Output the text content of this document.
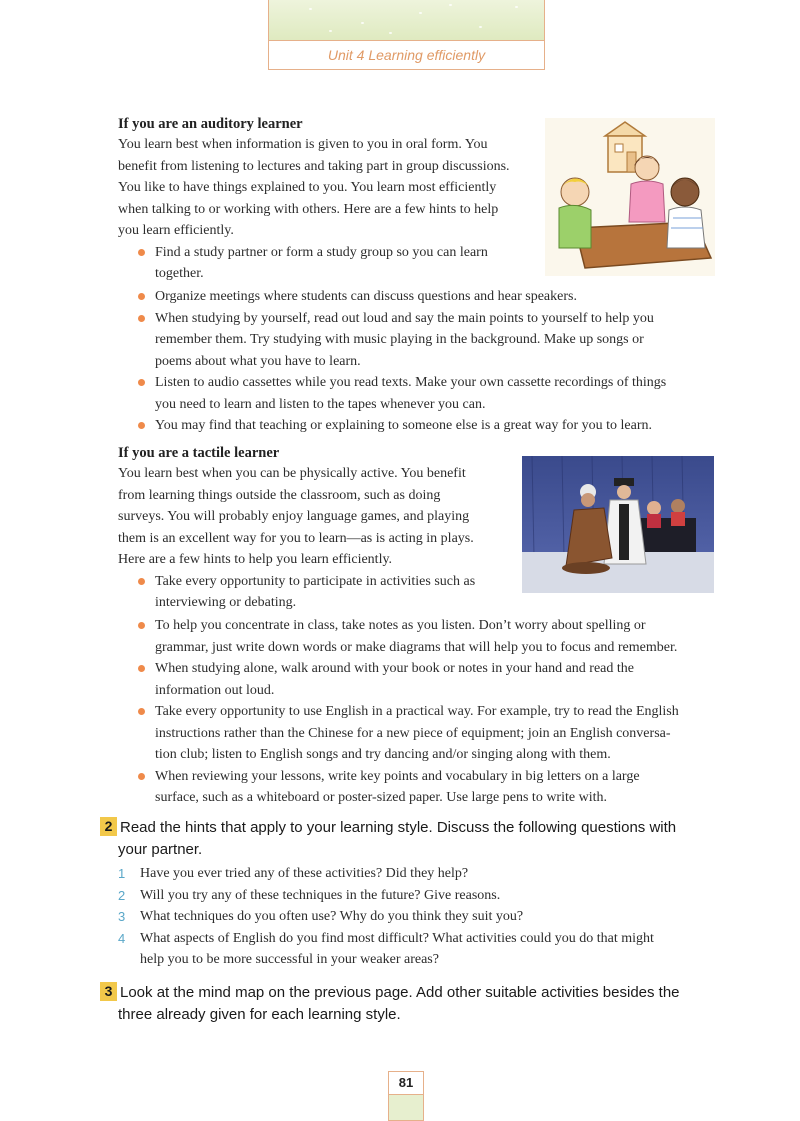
Unit 4 Learning efficiently
If you are an auditory learner
You learn best when information is given to you in oral form. You
benefit from listening to lectures and taking part in group discussions.
You like to have things explained to you. You learn most efficiently
when talking to or working with others. Here are a few hints to help
you learn efficiently.
Find a study partner or form a study group so you can learn
together.
Organize meetings where students can discuss questions and hear speakers.
When studying by yourself, read out loud and say the main points to yourself to help you
remember them. Try studying with music playing in the background. Make up songs or
poems about what you have to learn.
Listen to audio cassettes while you read texts. Make your own cassette recordings of things
you need to learn and listen to the tapes whenever you can.
You may find that teaching or explaining to someone else is a great way for you to learn.
If you are a tactile learner
You learn best when you can be physically active. You benefit
from learning things outside the classroom, such as doing
surveys. You will probably enjoy language games, and playing
them is an excellent way for you to learn—as is acting in plays.
Here are a few hints to help you learn efficiently.
Take every opportunity to participate in activities such as
interviewing or debating.
To help you concentrate in class, take notes as you listen. Don’t worry about spelling or
grammar, just write down words or make diagrams that will help you to focus and remember.
When studying alone, walk around with your book or notes in your hand and read the
information out loud.
Take every opportunity to use English in a practical way. For example, try to read the English
instructions rather than the Chinese for a new piece of equipment; join an English conversa-
tion club; listen to English songs and try dancing and/or singing along with them.
When reviewing your lessons, write key points and vocabulary in big letters on a large
surface, such as a whiteboard or poster-sized paper. Use large pens to write with.
2 Read the hints that apply to your learning style. Discuss the following questions with
your partner.
1 Have you ever tried any of these activities? Did they help?
2 Will you try any of these techniques in the future? Give reasons.
3 What techniques do you often use? Why do you think they suit you?
4 What aspects of English do you find most difficult? What activities could you do that might
help you to be more successful in your weaker areas?
3 Look at the mind map on the previous page. Add other suitable activities besides the
three already given for each learning style.
81
